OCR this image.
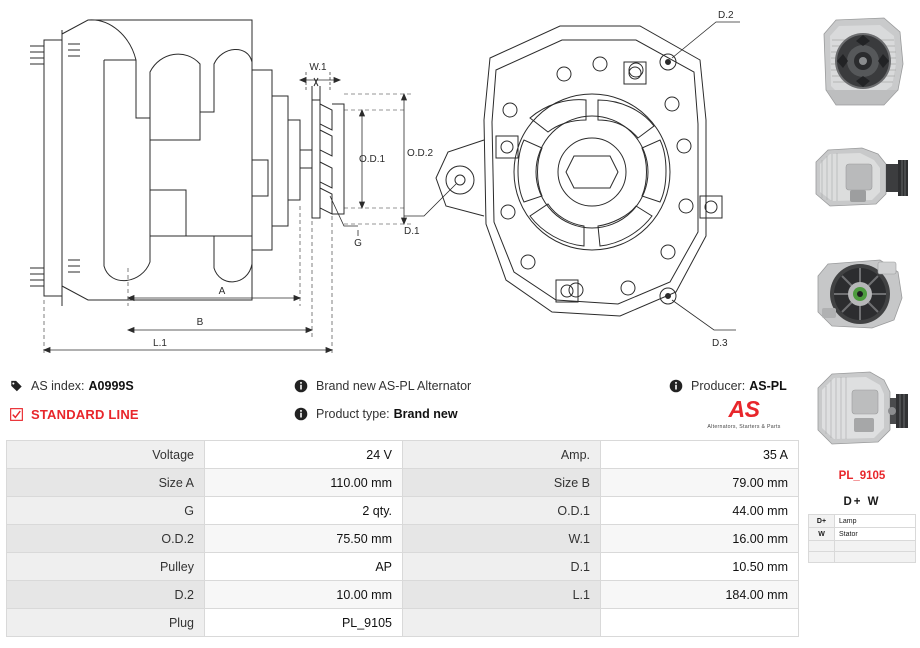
W.1
O.D.1
O.D.2
G
A
B
L.1
D.2
D.1
D.3
AS index: A0999S	Brand new AS-PL Alternator	Producer: AS-PL
STANDARD LINE	Product type: Brand new	AS
Alternators, Starters & Parts
Voltage	24 V	Amp.	35 A
Size A	110.00 mm	Size B	79.00 mm
G	2 qty.	O.D.1	44.00 mm
O.D.2	75.50 mm	W.1	16.00 mm
Pulley	AP	D.1	10.50 mm
D.2	10.00 mm	L.1	184.00 mm
Plug	PL_9105		
PL_9105
D+ W
D+	Lamp
W	Stator
